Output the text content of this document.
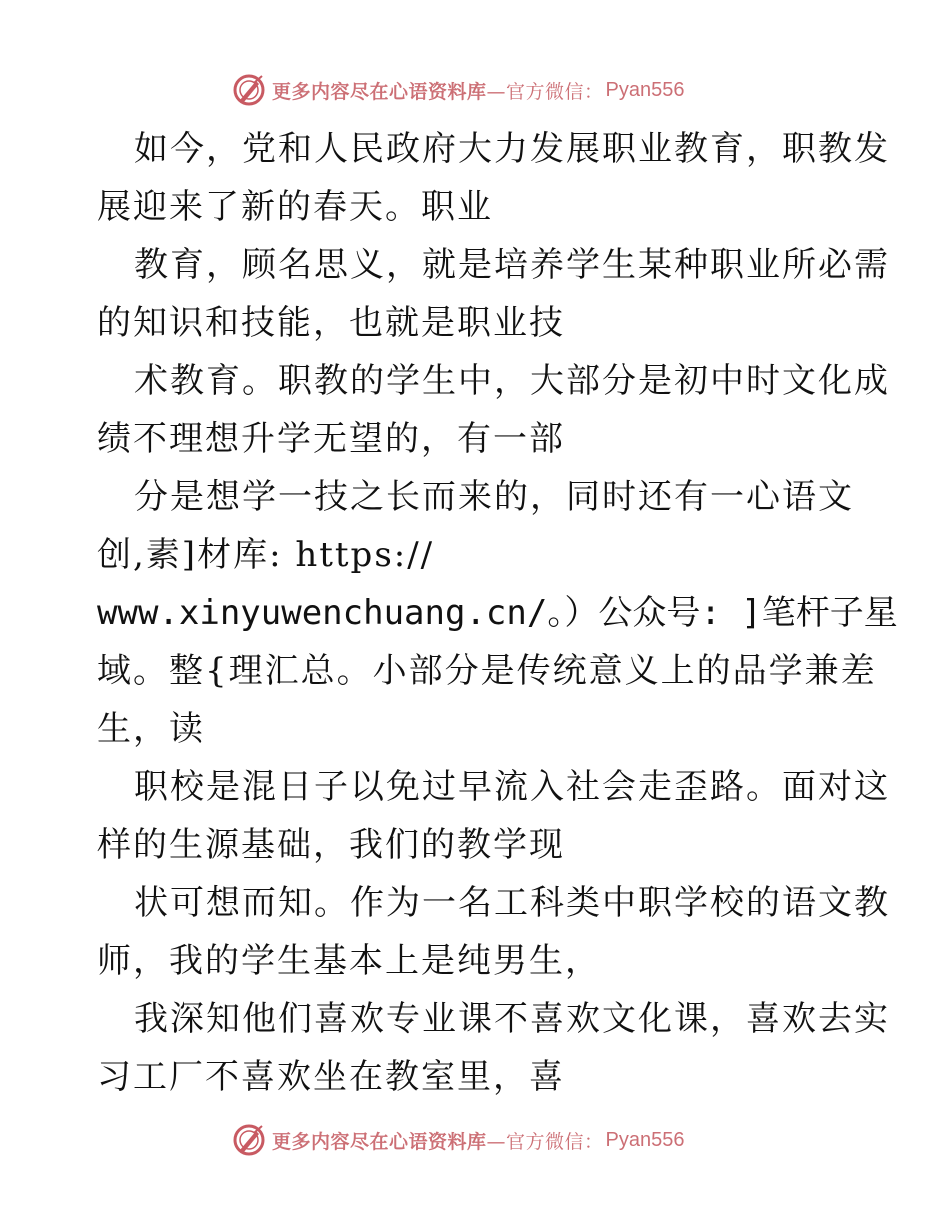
更多内容尽在心语资料库 —官方微信： Pyan556
如今，党和人民政府大力发展职业教育，职教发
展迎来了新的春天。职业
教育，顾名思义，就是培养学生某种职业所必需
的知识和技能，也就是职业技
术教育。职教的学生中，大部分是初中时文化成
绩不理想升学无望的，有一部
分是想学一技之长而来的，同时还有一心语文
创,素]材库: https://
www.xinyuwenchuang.cn/。）公众号: ]笔杆子星
域。整{理汇总。小部分是传统意义上的品学兼差
生，读
职校是混日子以免过早流入社会走歪路。面对这
样的生源基础，我们的教学现
状可想而知。作为一名工科类中职学校的语文教
师，我的学生基本上是纯男生，
我深知他们喜欢专业课不喜欢文化课，喜欢去实
习工厂不喜欢坐在教室里，喜
更多内容尽在心语资料库 —官方微信： Pyan556
